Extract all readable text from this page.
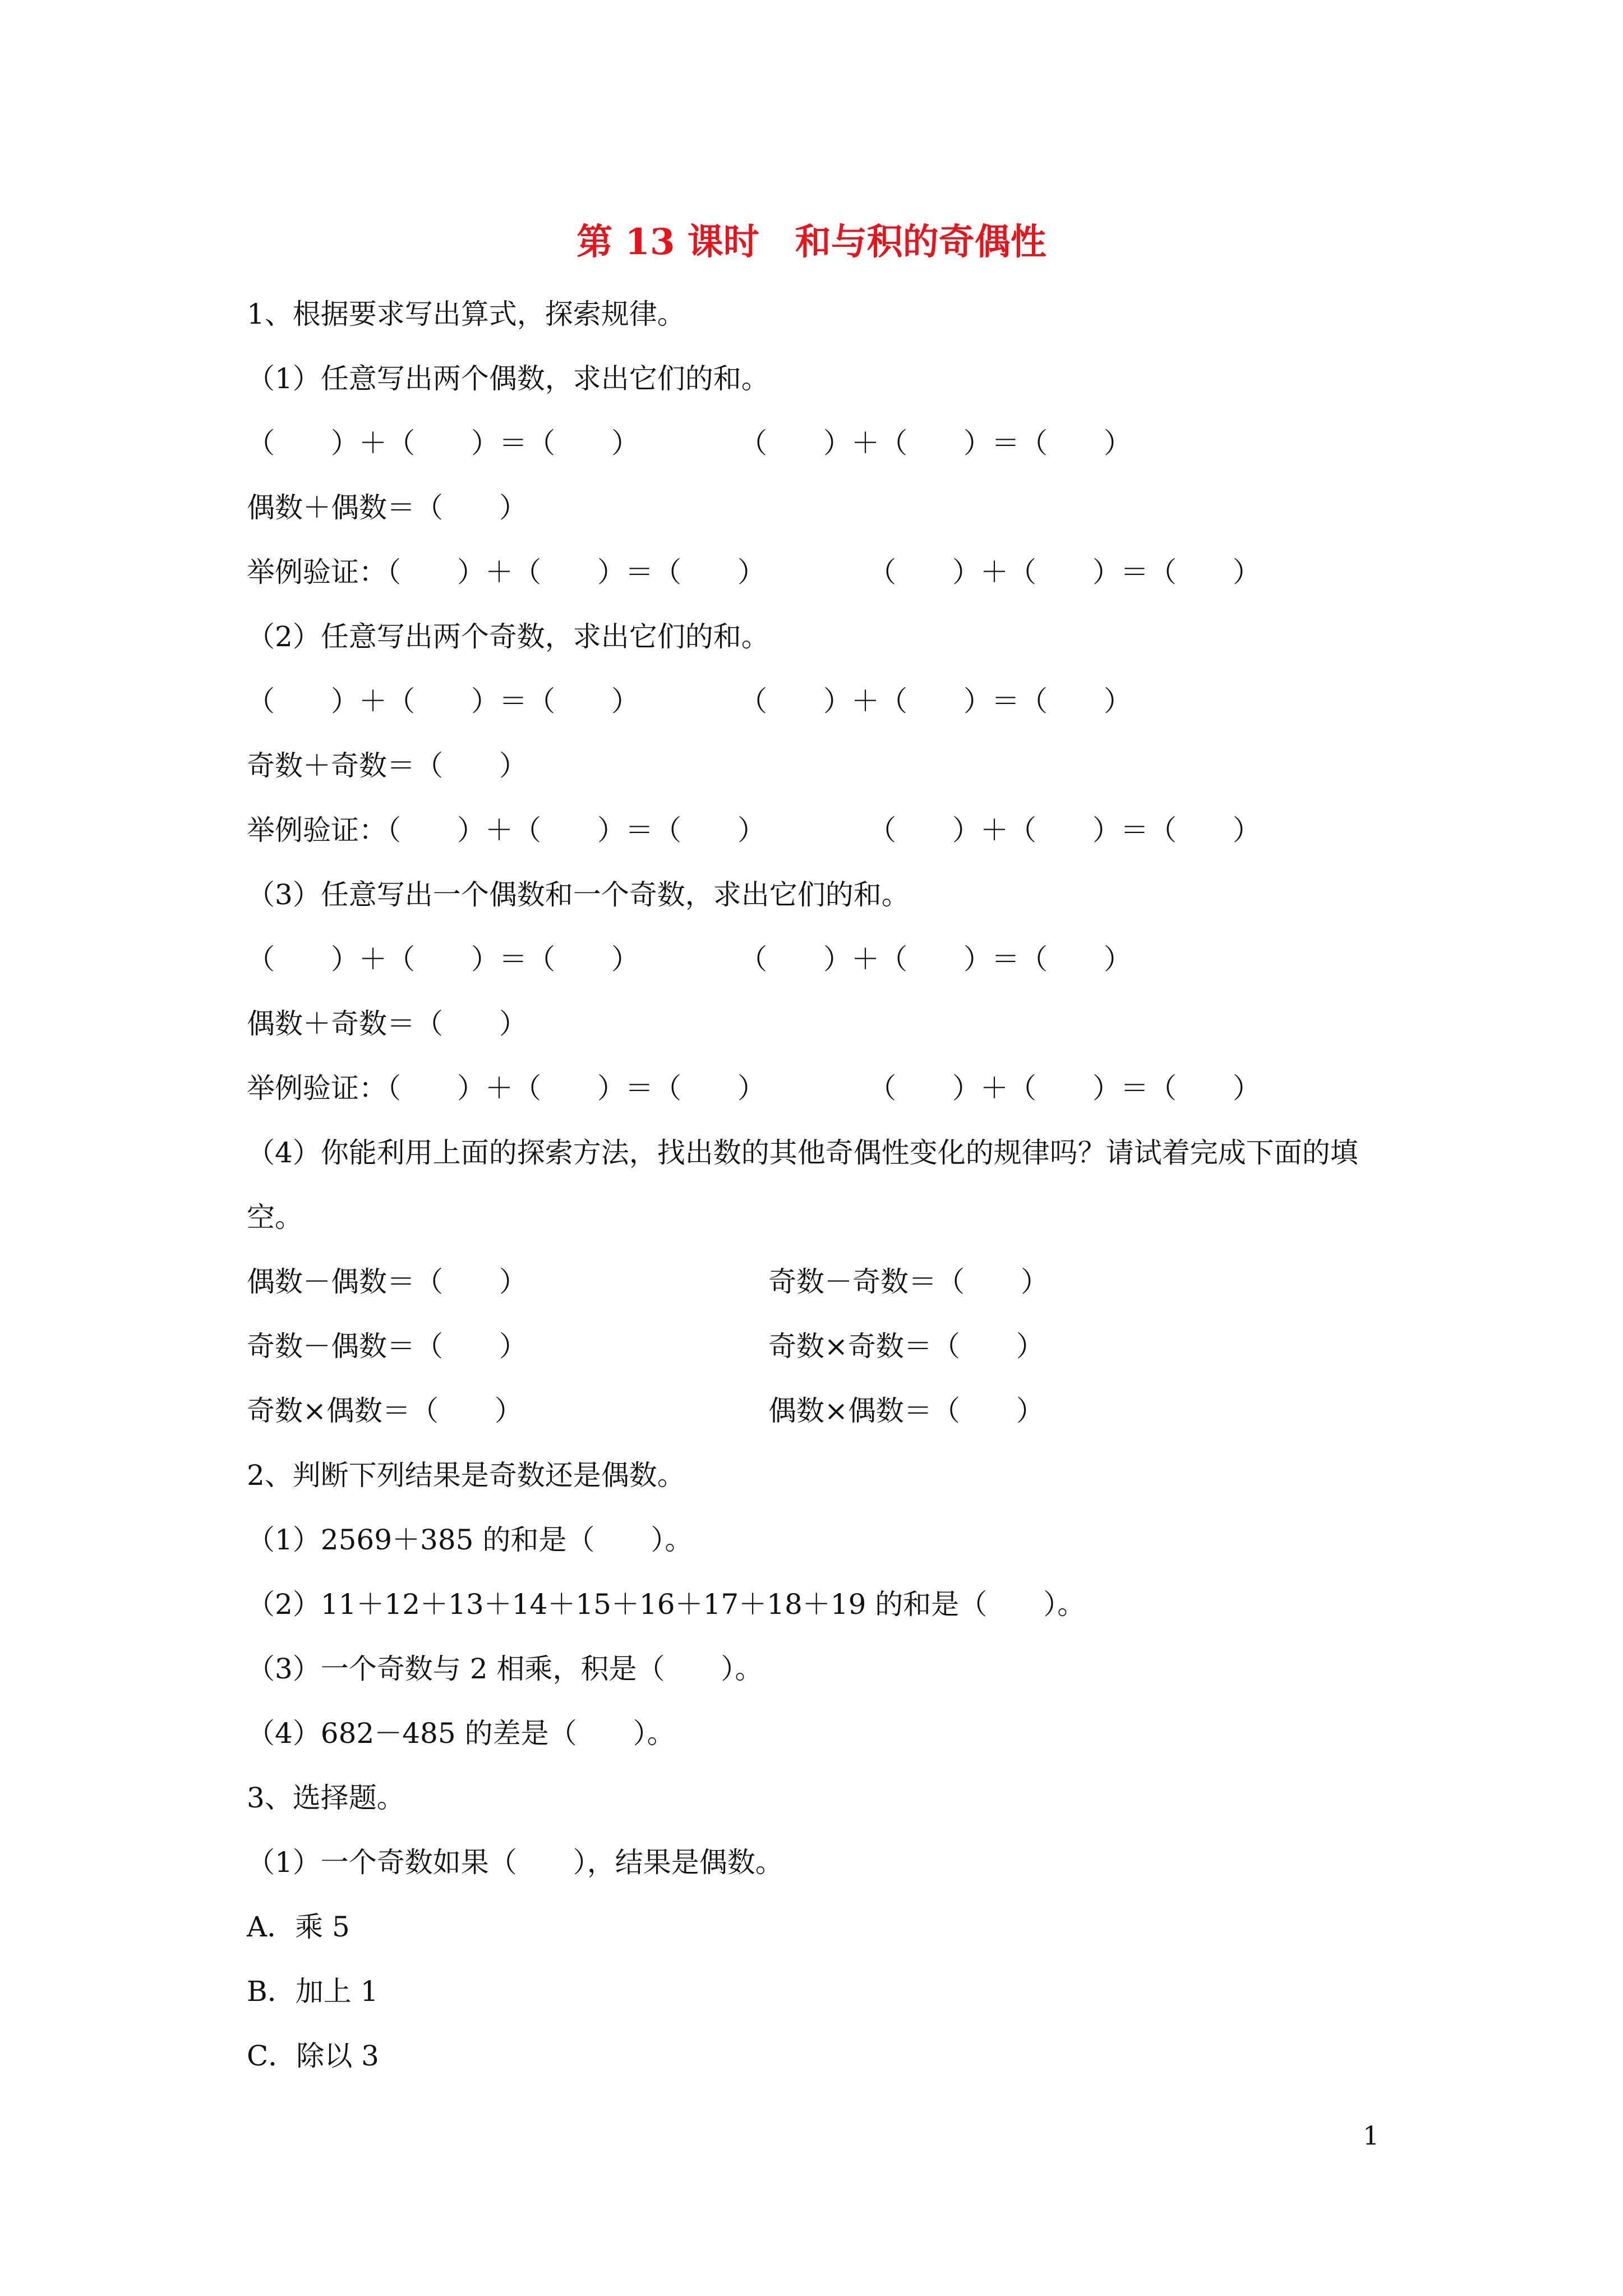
第 13 课时　和与积的奇偶性
1、根据要求写出算式，探索规律。
（1）任意写出两个偶数，求出它们的和。
（　　）＋（　　）＝（　　）	（　　）＋（　　）＝（　　）
偶数＋偶数＝（　　）
举例验证：（　　）＋（　　）＝（　　）	（　　）＋（　　）＝（　　）
（2）任意写出两个奇数，求出它们的和。
（　　）＋（　　）＝（　　）	（　　）＋（　　）＝（　　）
奇数＋奇数＝（　　）
举例验证：（　　）＋（　　）＝（　　）	（　　）＋（　　）＝（　　）
（3）任意写出一个偶数和一个奇数，求出它们的和。
（　　）＋（　　）＝（　　）	（　　）＋（　　）＝（　　）
偶数＋奇数＝（　　）
举例验证：（　　）＋（　　）＝（　　）	（　　）＋（　　）＝（　　）
（4）你能利用上面的探索方法，找出数的其他奇偶性变化的规律吗？请试着完成下面的填
空。
偶数－偶数＝（　　）	奇数－奇数＝（　　）
奇数－偶数＝（　　）	奇数×奇数＝（　　）
奇数×偶数＝（　　）	偶数×偶数＝（　　）
2、判断下列结果是奇数还是偶数。
（1）2569＋385 的和是（　　）。
（2）11＋12＋13＋14＋15＋16＋17＋18＋19 的和是（　　）。
（3）一个奇数与 2 相乘，积是（　　）。
（4）682－485 的差是（　　）。
3、选择题。
（1）一个奇数如果（　　），结果是偶数。
A．乘 5
B．加上 1
C．除以 3
1
